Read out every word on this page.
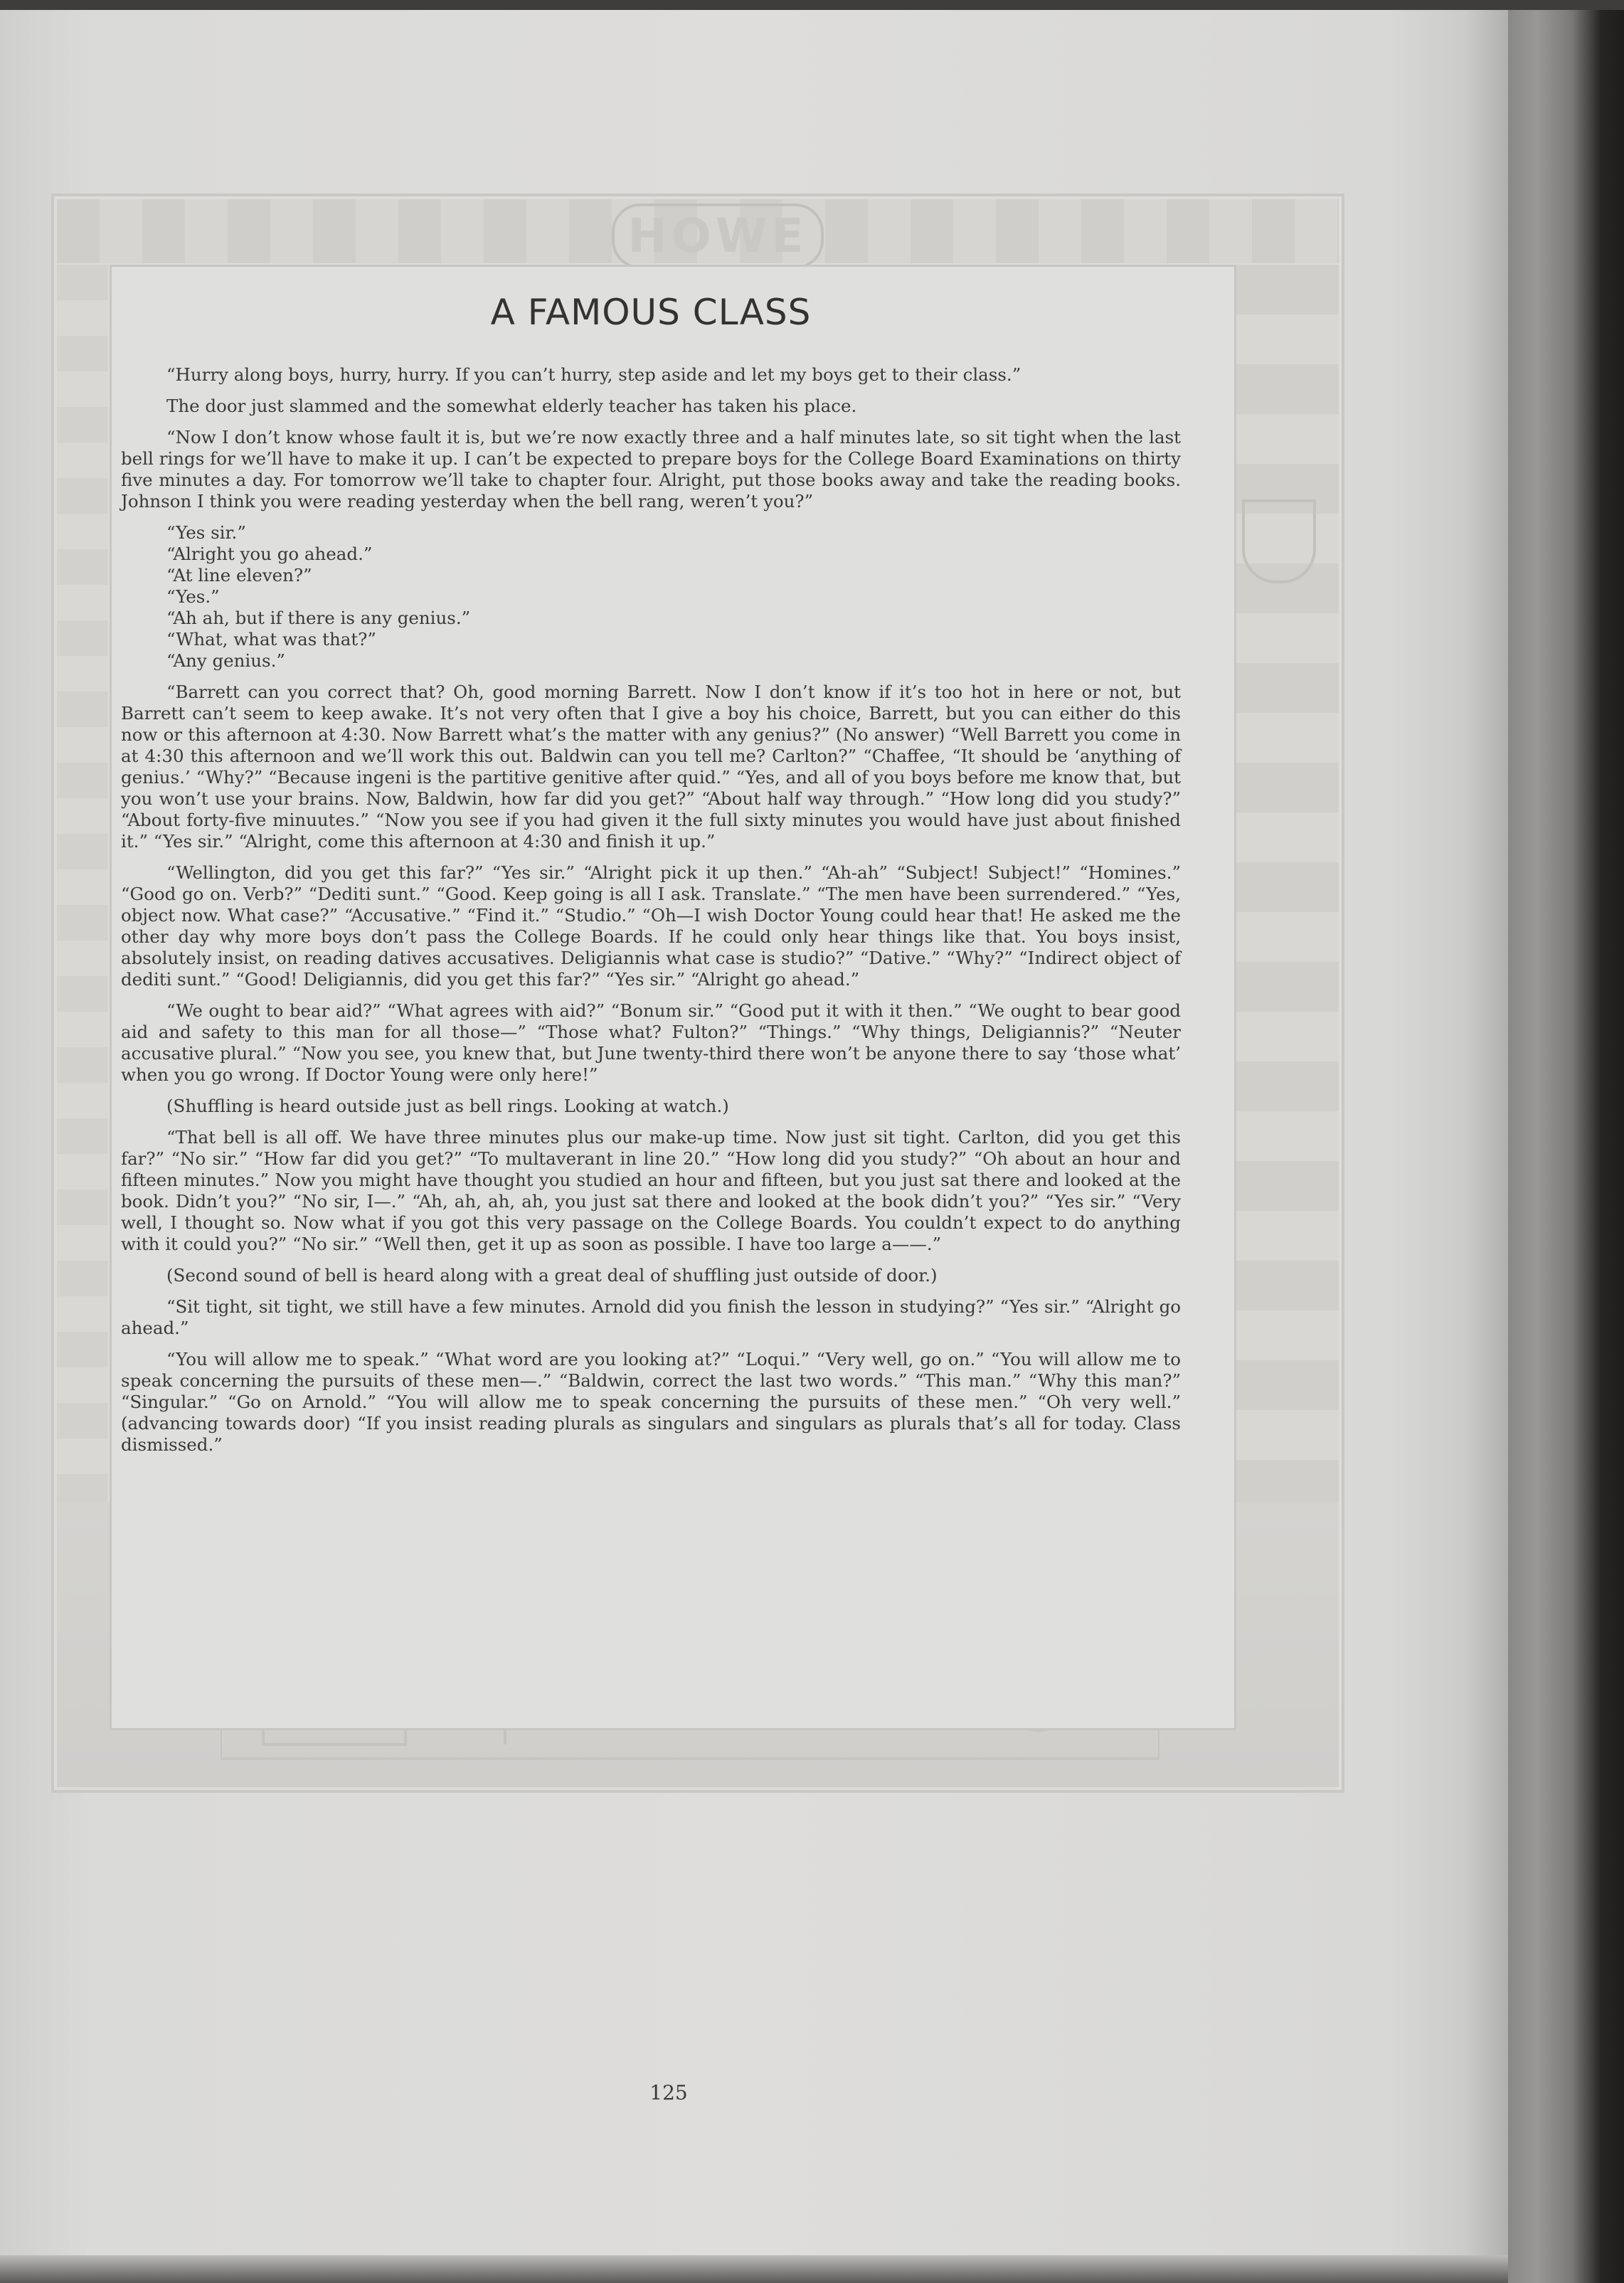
HOWE
A FAMOUS CLASS

“Hurry along boys, hurry, hurry. If you can’t hurry, step aside and let my boys get to their class.”

The door just slammed and the somewhat elderly teacher has taken his place.

“Now I don’t know whose fault it is, but we’re now exactly three and a half minutes late, so sit tight when the last bell rings for we’ll have to make it up. I can’t be expected to prepare boys for the College Board Examinations on thirty five minutes a day. For tomorrow we’ll take to chapter four. Alright, put those books away and take the reading books. Johnson I think you were reading yesterday when the bell rang, weren’t you?”

“Yes sir.”

“Alright you go ahead.”

“At line eleven?”

“Yes.”

“Ah ah, but if there is any genius.”

“What, what was that?”

“Any genius.”

“Barrett can you correct that? Oh, good morning Barrett. Now I don’t know if it’s too hot in here or not, but Barrett can’t seem to keep awake. It’s not very often that I give a boy his choice, Barrett, but you can either do this now or this afternoon at 4:30. Now Barrett what’s the matter with any genius?” (No answer) “Well Barrett you come in at 4:30 this afternoon and we’ll work this out. Baldwin can you tell me? Carlton?” “Chaffee, “It should be ‘anything of genius.’ “Why?” “Because ingeni is the partitive genitive after quid.” “Yes, and all of you boys before me know that, but you won’t use your brains. Now, Baldwin, how far did you get?” “About half way through.” “How long did you study?” “About forty-five minuutes.” “Now you see if you had given it the full sixty minutes you would have just about finished it.” “Yes sir.” “Alright, come this afternoon at 4:30 and finish it up.”

“Wellington, did you get this far?” “Yes sir.” “Alright pick it up then.” “Ah-ah” “Subject! Subject!” “Homines.” “Good go on. Verb?” “Dediti sunt.” “Good. Keep going is all I ask. Translate.” “The men have been surrendered.” “Yes, object now. What case?” “Accusative.” “Find it.” “Studio.” “Oh—I wish Doctor Young could hear that! He asked me the other day why more boys don’t pass the College Boards. If he could only hear things like that. You boys insist, absolutely insist, on reading datives accusatives. Deligiannis what case is studio?” “Dative.” “Why?” “Indirect object of dediti sunt.” “Good! Deligiannis, did you get this far?” “Yes sir.” “Alright go ahead.”

“We ought to bear aid?” “What agrees with aid?” “Bonum sir.” “Good put it with it then.” “We ought to bear good aid and safety to this man for all those—” “Those what? Fulton?” “Things.” “Why things, Deligiannis?” “Neuter accusative plural.” “Now you see, you knew that, but June twenty-third there won’t be anyone there to say ‘those what’ when you go wrong. If Doctor Young were only here!”

(Shuffling is heard outside just as bell rings. Looking at watch.)

“That bell is all off. We have three minutes plus our make-up time. Now just sit tight. Carlton, did you get this far?” “No sir.” “How far did you get?” “To multaverant in line 20.” “How long did you study?” “Oh about an hour and fifteen minutes.” Now you might have thought you studied an hour and fifteen, but you just sat there and looked at the book. Didn’t you?” “No sir, I—.” “Ah, ah, ah, ah, you just sat there and looked at the book didn’t you?” “Yes sir.” “Very well, I thought so. Now what if you got this very passage on the College Boards. You couldn’t expect to do anything with it could you?” “No sir.” “Well then, get it up as soon as possible. I have too large a——.”

(Second sound of bell is heard along with a great deal of shuffling just outside of door.)

“Sit tight, sit tight, we still have a few minutes. Arnold did you finish the lesson in studying?” “Yes sir.” “Alright go ahead.”

“You will allow me to speak.” “What word are you looking at?” “Loqui.” “Very well, go on.” “You will allow me to speak concerning the pursuits of these men—.” “Baldwin, correct the last two words.” “This man.” “Why this man?” “Singular.” “Go on Arnold.” “You will allow me to speak concerning the pursuits of these men.” “Oh very well.” (advancing towards door) “If you insist reading plurals as singulars and singulars as plurals that’s all for today. Class dismissed.”

125
